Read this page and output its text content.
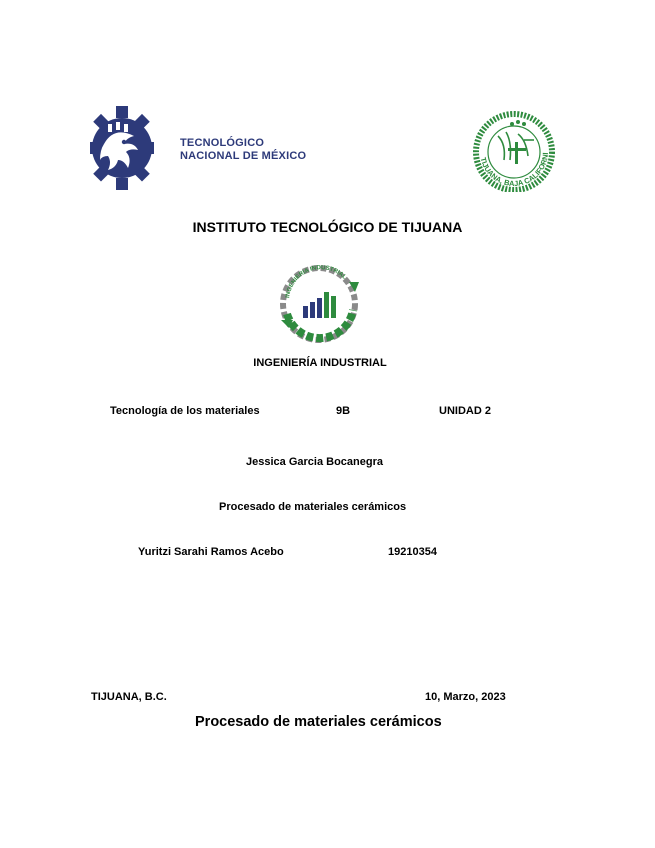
TECNOLÓGICO
NACIONAL DE MÉXICO	TIJUANA, BAJA CALIFORNI
INSTITUTO TECNOLÓGICO DE TIJUANA
INGENIERIA INDUSTRIAL
INGENIERÍA INDUSTRIAL
Tecnología de los materiales	9B	UNIDAD 2
Jessica Garcia Bocanegra
Procesado de materiales cerámicos
Yuritzi Sarahi Ramos Acebo	19210354
TIJUANA, B.C.	10, Marzo, 2023
Procesado de materiales cerámicos
